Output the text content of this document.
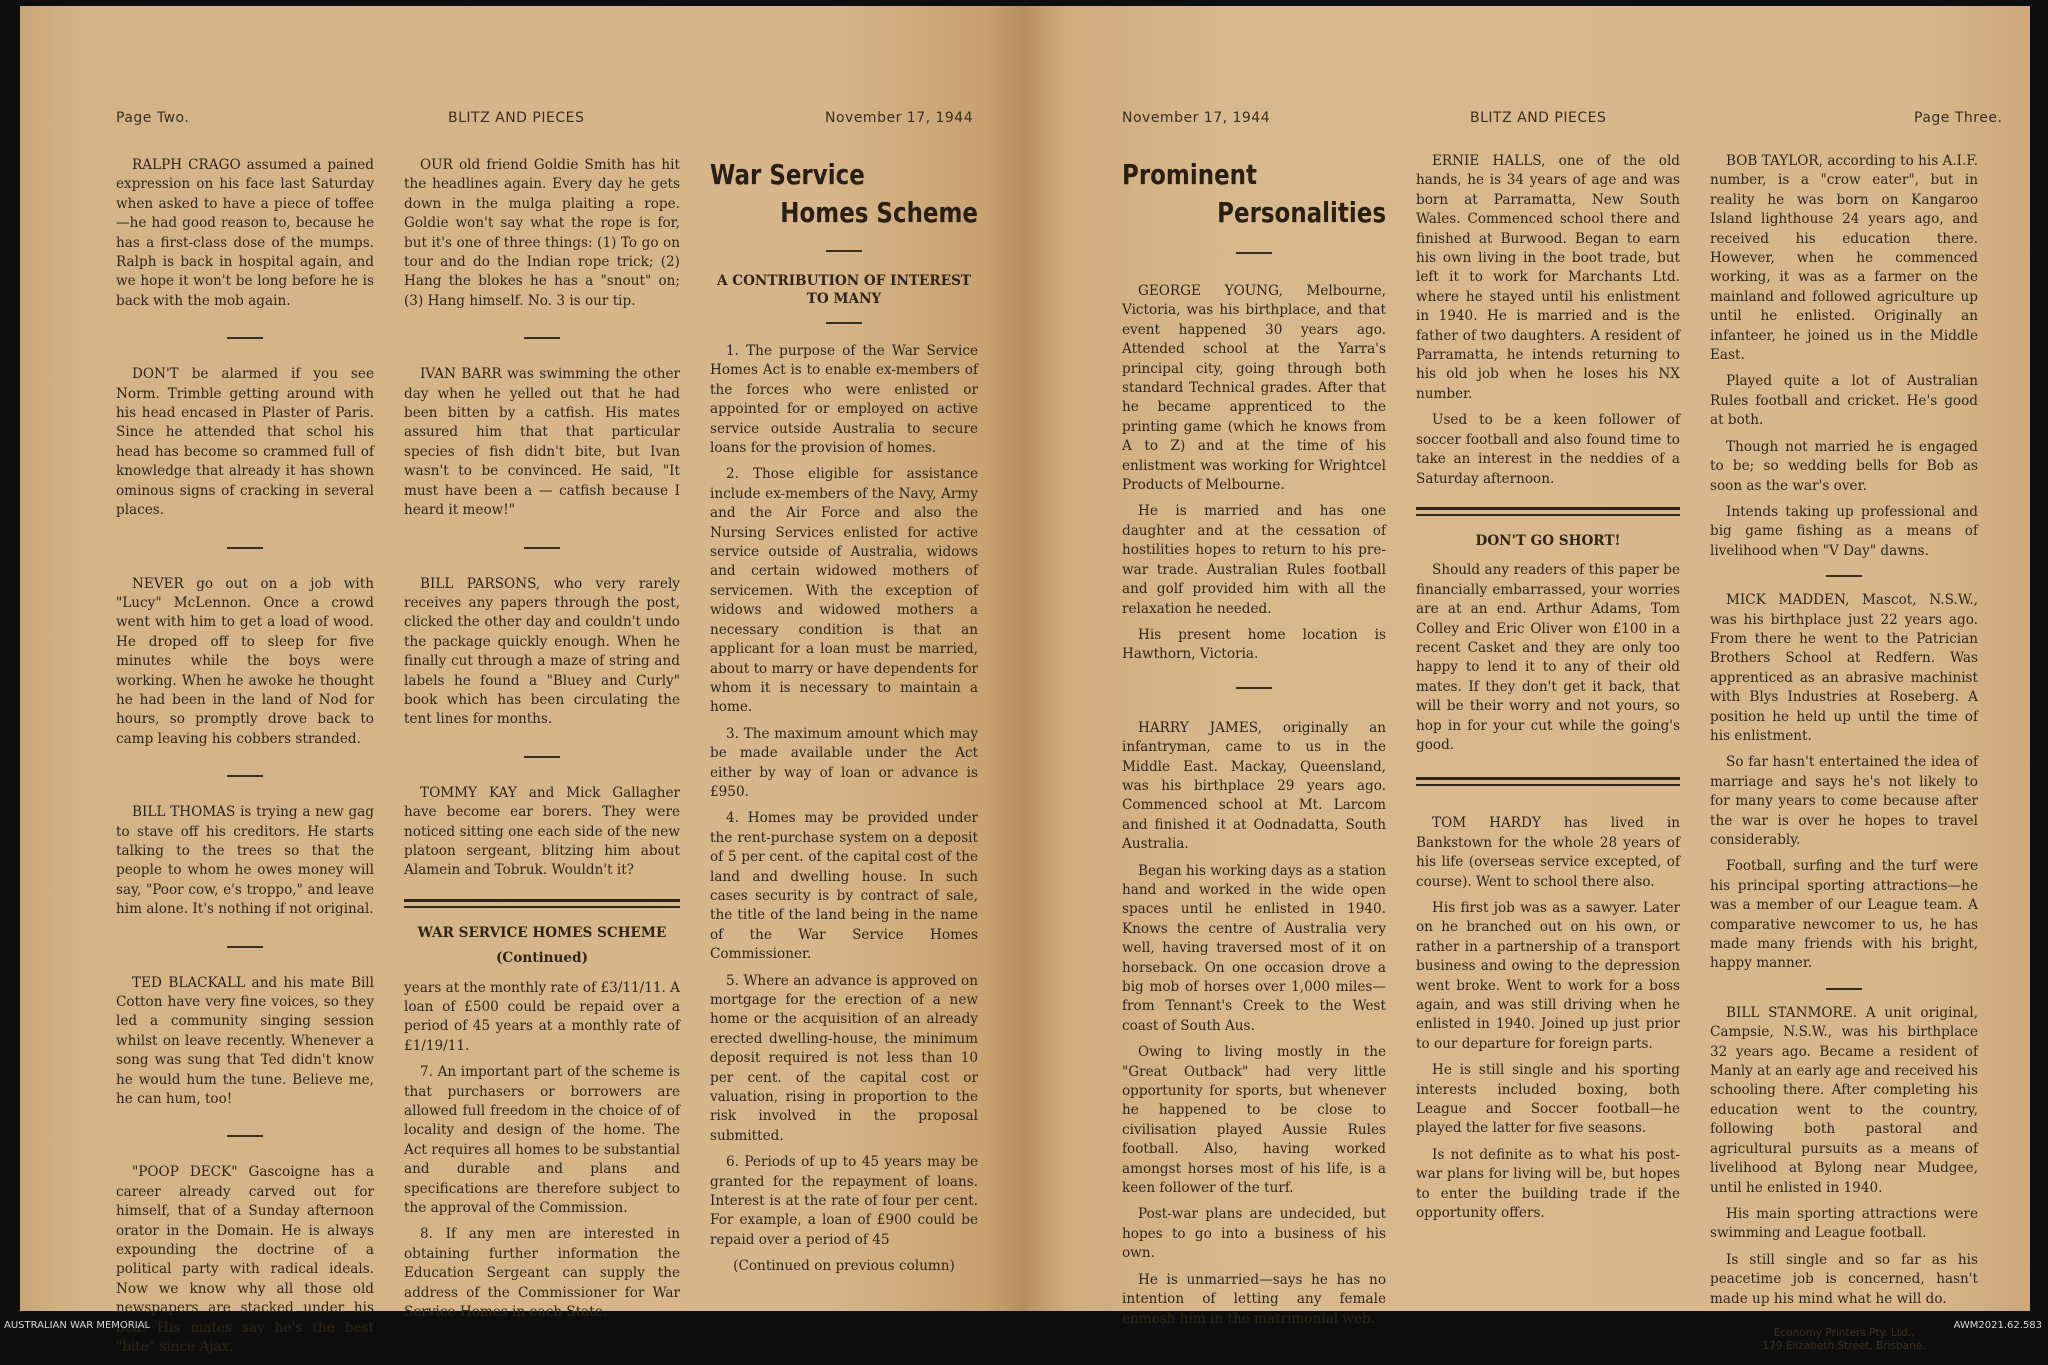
Page Two.	BLITZ AND PIECES	November 17, 1944

RALPH CRAGO assumed a pained expression on his face last Saturday when asked to have a piece of toffee —he had good reason to, because he has a first-class dose of the mumps. Ralph is back in hospital again, and we hope it won't be long before he is back with the mob again.

DON'T be alarmed if you see Norm. Trimble getting around with his head encased in Plaster of Paris. Since he attended that schol his head has become so crammed full of knowledge that already it has shown ominous signs of cracking in several places.

NEVER go out on a job with "Lucy" McLennon. Once a crowd went with him to get a load of wood. He droped off to sleep for five minutes while the boys were working. When he awoke he thought he had been in the land of Nod for hours, so promptly drove back to camp leaving his cobbers stranded.

BILL THOMAS is trying a new gag to stave off his creditors. He starts talking to the trees so that the people to whom he owes money will say, "Poor cow, e's troppo," and leave him alone. It's nothing if not original.

TED BLACKALL and his mate Bill Cotton have very fine voices, so they led a community singing session whilst on leave recently. Whenever a song was sung that Ted didn't know he would hum the tune. Believe me, he can hum, too!

"POOP DECK" Gascoigne has a career already carved out for himself, that of a Sunday afternoon orator in the Domain. He is always expounding the doctrine of a political party with radical ideals. Now we know why all those old newspapers are stacked under his bed! His mates say he's the best "bite" since Ajax.

OUR old friend Goldie Smith has hit the headlines again. Every day he gets down in the mulga plaiting a rope. Goldie won't say what the rope is for, but it's one of three things: (1) To go on tour and do the Indian rope trick; (2) Hang the blokes he has a "snout" on; (3) Hang himself. No. 3 is our tip.

IVAN BARR was swimming the other day when he yelled out that he had been bitten by a catfish. His mates assured him that that particular species of fish didn't bite, but Ivan wasn't to be convinced. He said, "It must have been a — catfish because I heard it meow!"

BILL PARSONS, who very rarely receives any papers through the post, clicked the other day and couldn't undo the package quickly enough. When he finally cut through a maze of string and labels he found a "Bluey and Curly" book which has been circulating the tent lines for months.

TOMMY KAY and Mick Gallagher have become ear borers. They were noticed sitting one each side of the new platoon sergeant, blitzing him about Alamein and Tobruk. Wouldn't it?

WAR SERVICE HOMES SCHEME
(Continued)

years at the monthly rate of £3/11/11. A loan of £500 could be repaid over a period of 45 years at a monthly rate of £1/19/11.

7. An important part of the scheme is that purchasers or borrowers are allowed full freedom in the choice of of locality and design of the home. The Act requires all homes to be substantial and durable and plans and specifications are therefore subject to the approval of the Commission.

8. If any men are interested in obtaining further information the Education Sergeant can supply the address of the Commissioner for War Service Homes in each State.

War Service
Homes Scheme
A CONTRIBUTION OF INTEREST TO MANY

1. The purpose of the War Service Homes Act is to enable ex-members of the forces who were enlisted or appointed for or employed on active service outside Australia to secure loans for the provision of homes.

2. Those eligible for assistance include ex-members of the Navy, Army and the Air Force and also the Nursing Services enlisted for active service outside of Australia, widows and certain widowed mothers of servicemen. With the exception of widows and widowed mothers a necessary condition is that an applicant for a loan must be married, about to marry or have dependents for whom it is necessary to maintain a home.

3. The maximum amount which may be made available under the Act either by way of loan or advance is £950.

4. Homes may be provided under the rent-purchase system on a deposit of 5 per cent. of the capital cost of the land and dwelling house. In such cases security is by contract of sale, the title of the land being in the name of the War Service Homes Commissioner.

5. Where an advance is approved on mortgage for the erection of a new home or the acquisition of an already erected dwelling-house, the minimum deposit required is not less than 10 per cent. of the capital cost or valuation, rising in proportion to the risk involved in the proposal submitted.

6. Periods of up to 45 years may be granted for the repayment of loans. Interest is at the rate of four per cent. For example, a loan of £900 could be repaid over a period of 45

(Continued on previous column)
November 17, 1944	BLITZ AND PIECES	Page Three.
Prominent
Personalities

GEORGE YOUNG, Melbourne, Victoria, was his birthplace, and that event happened 30 years ago. Attended school at the Yarra's principal city, going through both standard Technical grades. After that he became apprenticed to the printing game (which he knows from A to Z) and at the time of his enlistment was working for Wrightcel Products of Melbourne.

He is married and has one daughter and at the cessation of hostilities hopes to return to his pre-war trade. Australian Rules football and golf provided him with all the relaxation he needed.

His present home location is Hawthorn, Victoria.

HARRY JAMES, originally an infantryman, came to us in the Middle East. Mackay, Queensland, was his birthplace 29 years ago. Commenced school at Mt. Larcom and finished it at Oodnadatta, South Australia.

Began his working days as a station hand and worked in the wide open spaces until he enlisted in 1940. Knows the centre of Australia very well, having traversed most of it on horseback. On one occasion drove a big mob of horses over 1,000 miles—from Tennant's Creek to the West coast of South Aus.

Owing to living mostly in the "Great Outback" had very little opportunity for sports, but whenever he happened to be close to civilisation played Aussie Rules football. Also, having worked amongst horses most of his life, is a keen follower of the turf.

Post-war plans are undecided, but hopes to go into a business of his own.

He is unmarried—says he has no intention of letting any female enmesh him in the matrimonial web.

ERNIE HALLS, one of the old hands, he is 34 years of age and was born at Parramatta, New South Wales. Commenced school there and finished at Burwood. Began to earn his own living in the boot trade, but left it to work for Marchants Ltd. where he stayed until his enlistment in 1940. He is married and is the father of two daughters. A resident of Parramatta, he intends returning to his old job when he loses his NX number.

Used to be a keen follower of soccer football and also found time to take an interest in the neddies of a Saturday afternoon.

DON'T GO SHORT!

Should any readers of this paper be financially embarrassed, your worries are at an end. Arthur Adams, Tom Colley and Eric Oliver won £100 in a recent Casket and they are only too happy to lend it to any of their old mates. If they don't get it back, that will be their worry and not yours, so hop in for your cut while the going's good.

TOM HARDY has lived in Bankstown for the whole 28 years of his life (overseas service excepted, of course). Went to school there also.

His first job was as a sawyer. Later on he branched out on his own, or rather in a partnership of a transport business and owing to the depression went broke. Went to work for a boss again, and was still driving when he enlisted in 1940. Joined up just prior to our departure for foreign parts.

He is still single and his sporting interests included boxing, both League and Soccer football—he played the latter for five seasons.

Is not definite as to what his post-war plans for living will be, but hopes to enter the building trade if the opportunity offers.

BOB TAYLOR, according to his A.I.F. number, is a "crow eater", but in reality he was born on Kangaroo Island lighthouse 24 years ago, and received his education there. However, when he commenced working, it was as a farmer on the mainland and followed agriculture up until he enlisted. Originally an infanteer, he joined us in the Middle East.

Played quite a lot of Australian Rules football and cricket. He's good at both.

Though not married he is engaged to be; so wedding bells for Bob as soon as the war's over.

Intends taking up professional and big game fishing as a means of livelihood when "V Day" dawns.

MICK MADDEN, Mascot, N.S.W., was his birthplace just 22 years ago. From there he went to the Patrician Brothers School at Redfern. Was apprenticed as an abrasive machinist with Blys Industries at Roseberg. A position he held up until the time of his enlistment.

So far hasn't entertained the idea of marriage and says he's not likely to for many years to come because after the war is over he hopes to travel considerably.

Football, surfing and the turf were his principal sporting attractions—he was a member of our League team. A comparative newcomer to us, he has made many friends with his bright, happy manner.

BILL STANMORE. A unit original, Campsie, N.S.W., was his birthplace 32 years ago. Became a resident of Manly at an early age and received his schooling there. After completing his education went to the country, following both pastoral and agricultural pursuits as a means of livelihood at Bylong near Mudgee, until he enlisted in 1940.

His main sporting attractions were swimming and League football.

Is still single and so far as his peacetime job is concerned, hasn't made up his mind what he will do.

Economy Printers Pty. Ltd.,
179 Elizabeth Street, Brisbane.
AUSTRALIAN WAR MEMORIAL	AWM2021.62.583
